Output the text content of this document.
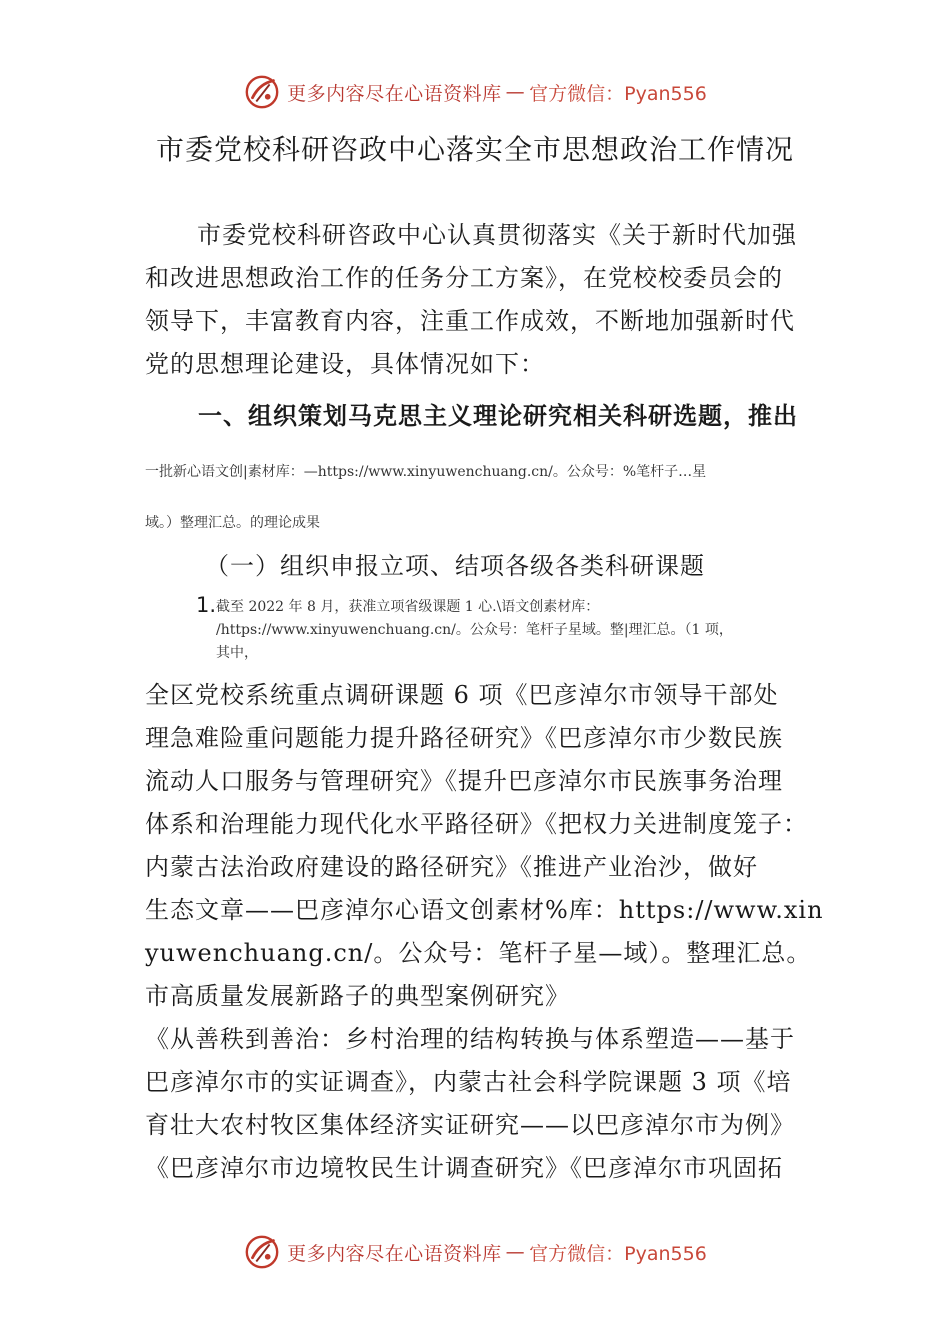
更多内容尽在心语资料库 — 官方微信：Pyan556
市委党校科研咨政中心落实全市思想政治工作情况
市委党校科研咨政中心认真贯彻落实《关于新时代加强
和改进思想政治工作的任务分工方案》，在党校校委员会的
领导下，丰富教育内容，注重工作成效，不断地加强新时代
党的思想理论建设，具体情况如下：
一、组织策划马克思主义理论研究相关科研选题，推出
一批新心语文创|素材库：—https://www.xinyuwenchuang.cn/。公众号：%笔杆子…星
域。）整理汇总。的理论成果
（一）组织申报立项、结项各级各类科研课题
1. 截至 2022 年 8 月，获准立项省级课题 1 心.\语文创素材库：
/https://www.xinyuwenchuang.cn/。公众号：笔杆子星域。整|理汇总。（1 项，
其中，
全区党校系统重点调研课题 6 项《巴彦淖尔市领导干部处
理急难险重问题能力提升路径研究》《巴彦淖尔市少数民族
流动人口服务与管理研究》《提升巴彦淖尔市民族事务治理
体系和治理能力现代化水平路径研》《把权力关进制度笼子：
内蒙古法治政府建设的路径研究》《推进产业治沙，做好
生态文章——巴彦淖尔心语文创素材%库：https://www.xin
yuwenchuang.cn/。公众号：笔杆子星—域）。整理汇总。
市高质量发展新路子的典型案例研究》
《从善秩到善治：乡村治理的结构转换与体系塑造——基于
巴彦淖尔市的实证调查》，内蒙古社会科学院课题 3 项《培
育壮大农村牧区集体经济实证研究——以巴彦淖尔市为例》
《巴彦淖尔市边境牧民生计调查研究》《巴彦淖尔市巩固拓
更多内容尽在心语资料库 — 官方微信：Pyan556
